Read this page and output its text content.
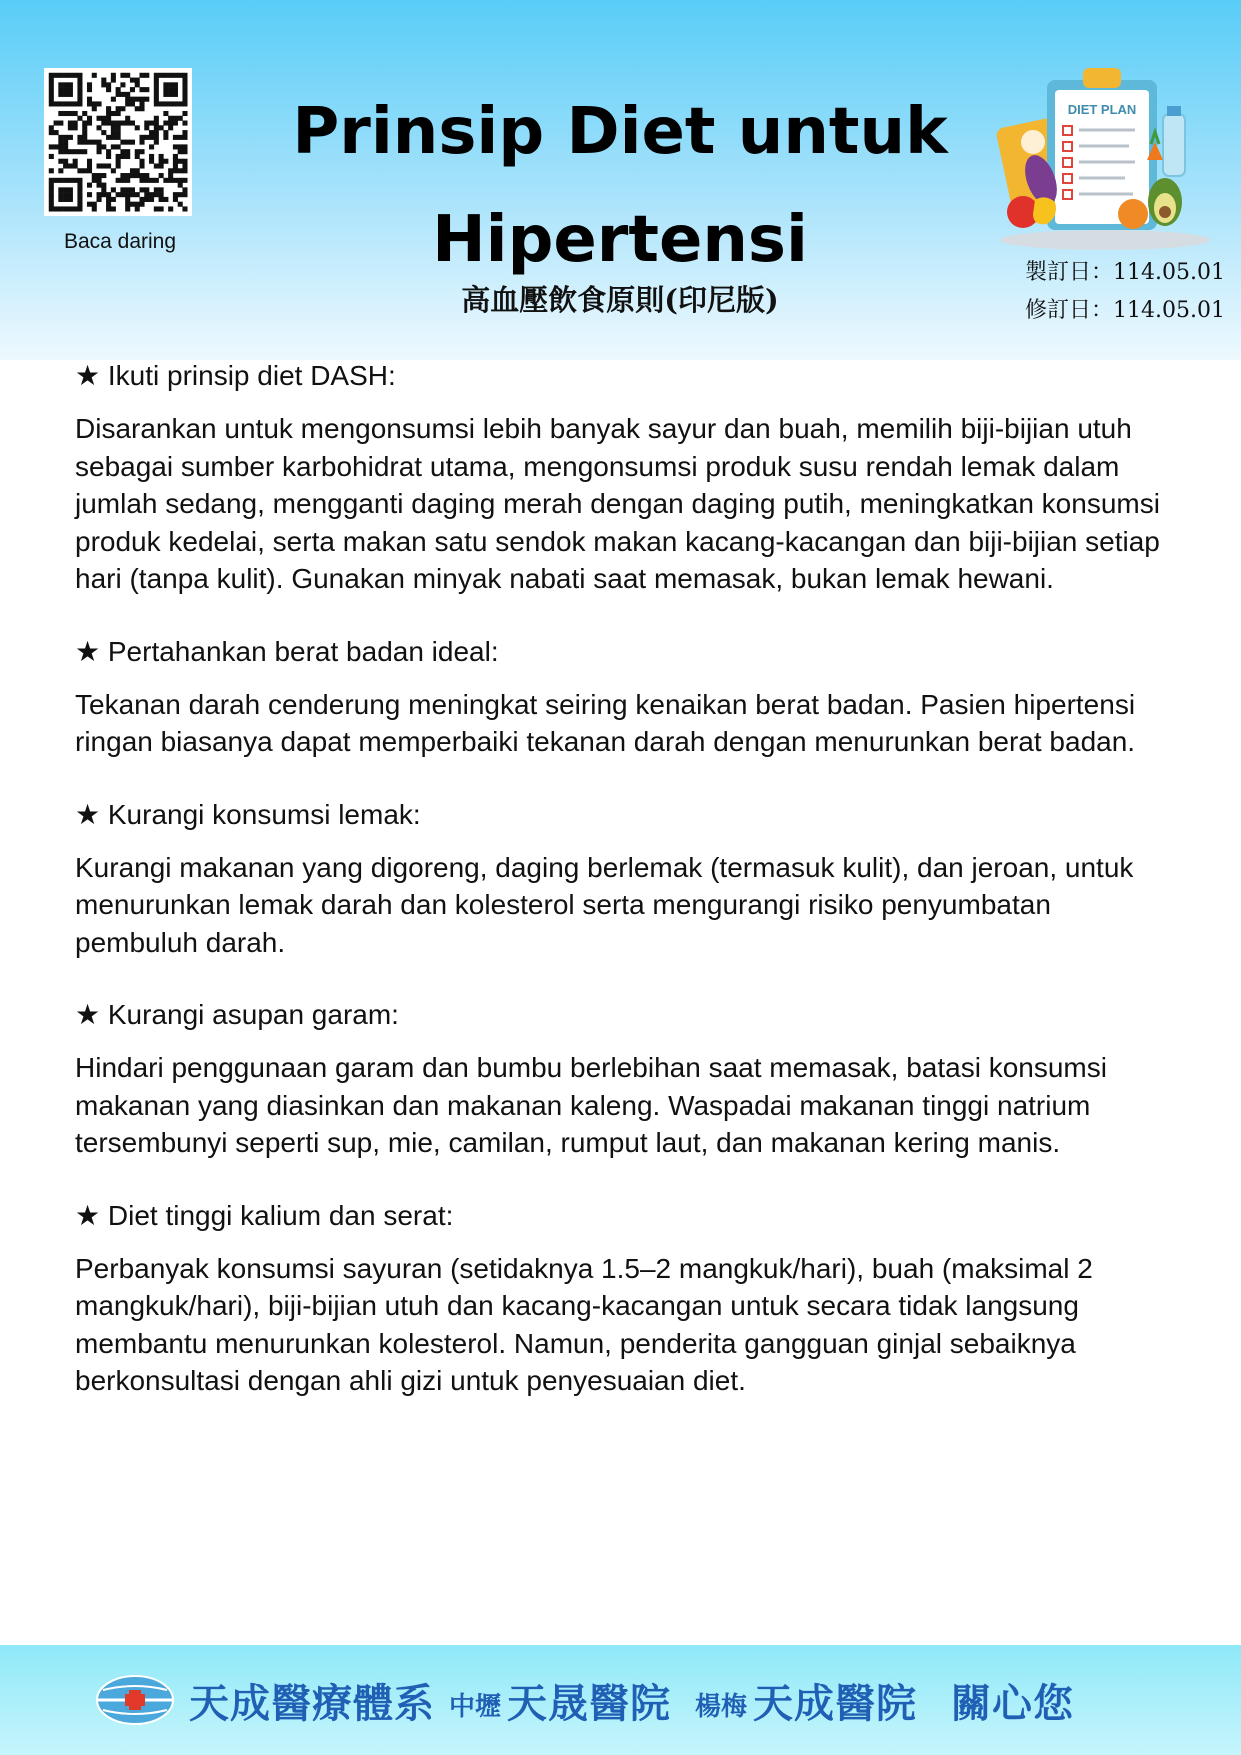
Baca daring
Prinsip Diet untuk Hipertensi
高血壓飲食原則(印尼版)
DIET PLAN
製訂日：114.05.01
修訂日：114.05.01

★ Ikuti prinsip diet DASH:

Disarankan untuk mengonsumsi lebih banyak sayur dan buah, memilih biji-bijian utuh sebagai sumber karbohidrat utama, mengonsumsi produk susu rendah lemak dalam jumlah sedang, mengganti daging merah dengan daging putih, meningkatkan konsumsi produk kedelai, serta makan satu sendok makan kacang-kacangan dan biji-bijian setiap hari (tanpa kulit). Gunakan minyak nabati saat memasak, bukan lemak hewani.

★ Pertahankan berat badan ideal:

Tekanan darah cenderung meningkat seiring kenaikan berat badan. Pasien hipertensi ringan biasanya dapat memperbaiki tekanan darah dengan menurunkan berat badan.

★ Kurangi konsumsi lemak:

Kurangi makanan yang digoreng, daging berlemak (termasuk kulit), dan jeroan, untuk menurunkan lemak darah dan kolesterol serta mengurangi risiko penyumbatan pembuluh darah.

★ Kurangi asupan garam:

Hindari penggunaan garam dan bumbu berlebihan saat memasak, batasi konsumsi makanan yang diasinkan dan makanan kaleng. Waspadai makanan tinggi natrium tersembunyi seperti sup, mie, camilan, rumput laut, dan makanan kering manis.

★ Diet tinggi kalium dan serat:

Perbanyak konsumsi sayuran (setidaknya 1.5–2 mangkuk/hari), buah (maksimal 2 mangkuk/hari), biji-bijian utuh dan kacang-kacangan untuk secara tidak langsung membantu menurunkan kolesterol. Namun, penderita gangguan ginjal sebaiknya berkonsultasi dengan ahli gizi untuk penyesuaian diet.

天成醫療體系 中壢 天晟醫院 楊梅 天成醫院 關心您
